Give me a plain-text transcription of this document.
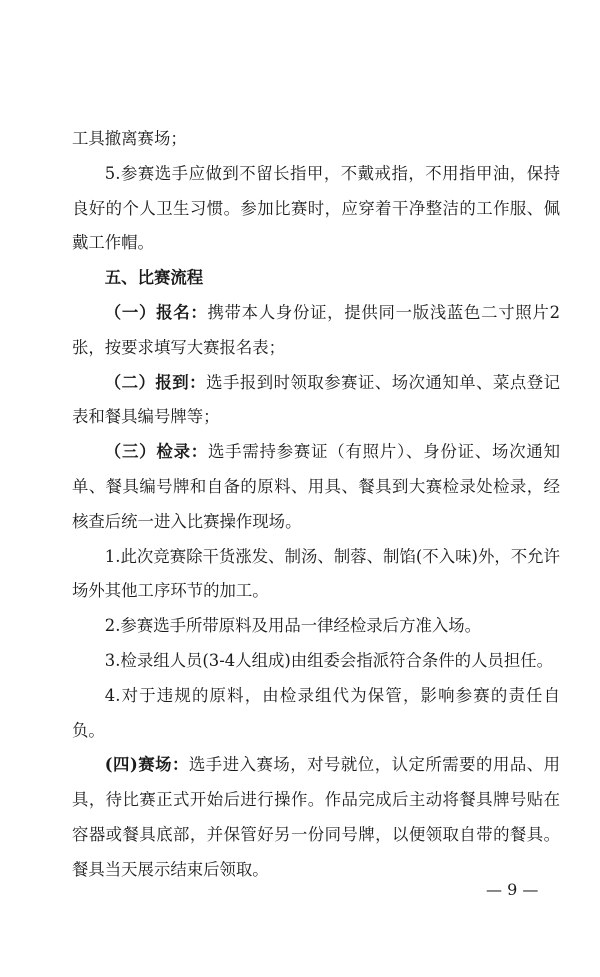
工具撤离赛场；

5.参赛选手应做到不留长指甲，不戴戒指，不用指甲油，保持良好的个人卫生习惯。参加比赛时，应穿着干净整洁的工作服、佩戴工作帽。

五、比赛流程

（一）报名：携带本人身份证，提供同一版浅蓝色二寸照片2张，按要求填写大赛报名表；

（二）报到：选手报到时领取参赛证、场次通知单、菜点登记表和餐具编号牌等；

（三）检录：选手需持参赛证（有照片）、身份证、场次通知单、餐具编号牌和自备的原料、用具、餐具到大赛检录处检录，经核查后统一进入比赛操作现场。

1.此次竞赛除干货涨发、制汤、制蓉、制馅(不入味)外，不允许场外其他工序环节的加工。

2.参赛选手所带原料及用品一律经检录后方准入场。

3.检录组人员(3-4人组成)由组委会指派符合条件的人员担任。

4.对于违规的原料，由检录组代为保管，影响参赛的责任自负。

(四)赛场：选手进入赛场，对号就位，认定所需要的用品、用具，待比赛正式开始后进行操作。作品完成后主动将餐具牌号贴在容器或餐具底部，并保管好另一份同号牌，以便领取自带的餐具。餐具当天展示结束后领取。

— 9 —
